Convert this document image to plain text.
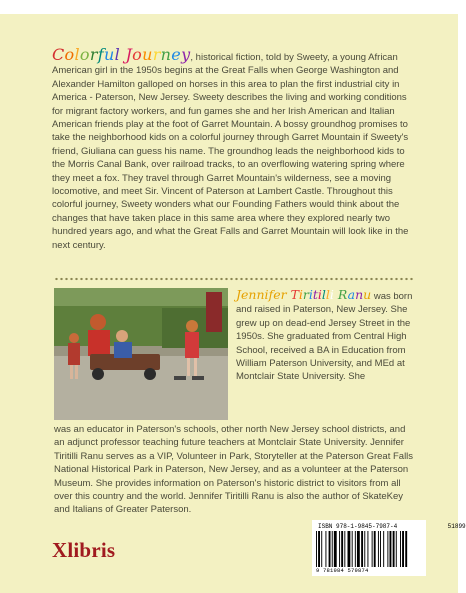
Colorful Journey, historical fiction, told by Sweety, a young African American girl in the 1950s begins at the Great Falls when George Washington and Alexander Hamilton galloped on horses in this area to plan the first industrial city in America - Paterson, New Jersey. Sweety describes the living and working conditions for migrant factory workers, and fun games she and her Irish American and Italian American friends play at the foot of Garret Mountain. A bossy groundhog promises to take the neighborhood kids on a colorful journey through Garret Mountain if Sweety's friend, Giuliana can guess his name. The groundhog leads the neighborhood kids to the Morris Canal Bank, over railroad tracks, to an overflowing watering spring where they meet a fox. They travel through Garret Mountain's wilderness, see a moving locomotive, and meet Sir. Vincent of Paterson at Lambert Castle. Throughout this colorful journey, Sweety wonders what our Founding Fathers would think about the changes that have taken place in this same area where they explored nearly two hundred years ago, and what the Great Falls and Garret Mountain will look like in the next century.
Jennifer Tiritilli Ranu was born and raised in Paterson, New Jersey. She grew up on dead-end Jersey Street in the 1950s. She graduated from Central High School, received a BA in Education from William Paterson University, and MEd at Montclair State University. She
was an educator in Paterson's schools, other north New Jersey school districts, and an adjunct professor teaching future teachers at Montclair State University. Jennifer Tiritilli Ranu serves as a VIP, Volunteer in Park, Storyteller at the Paterson Great Falls National Historical Park in Paterson, New Jersey, and as a volunteer at the Paterson Museum. She provides information on Paterson's historic district to visitors from all over this country and the world. Jennifer Tiritilli Ranu is also the author of SkateKey and Italians of Greater Paterson.
Xlibris
ISBN 978-1-9845-7987-4	51899
9 781984 579874
